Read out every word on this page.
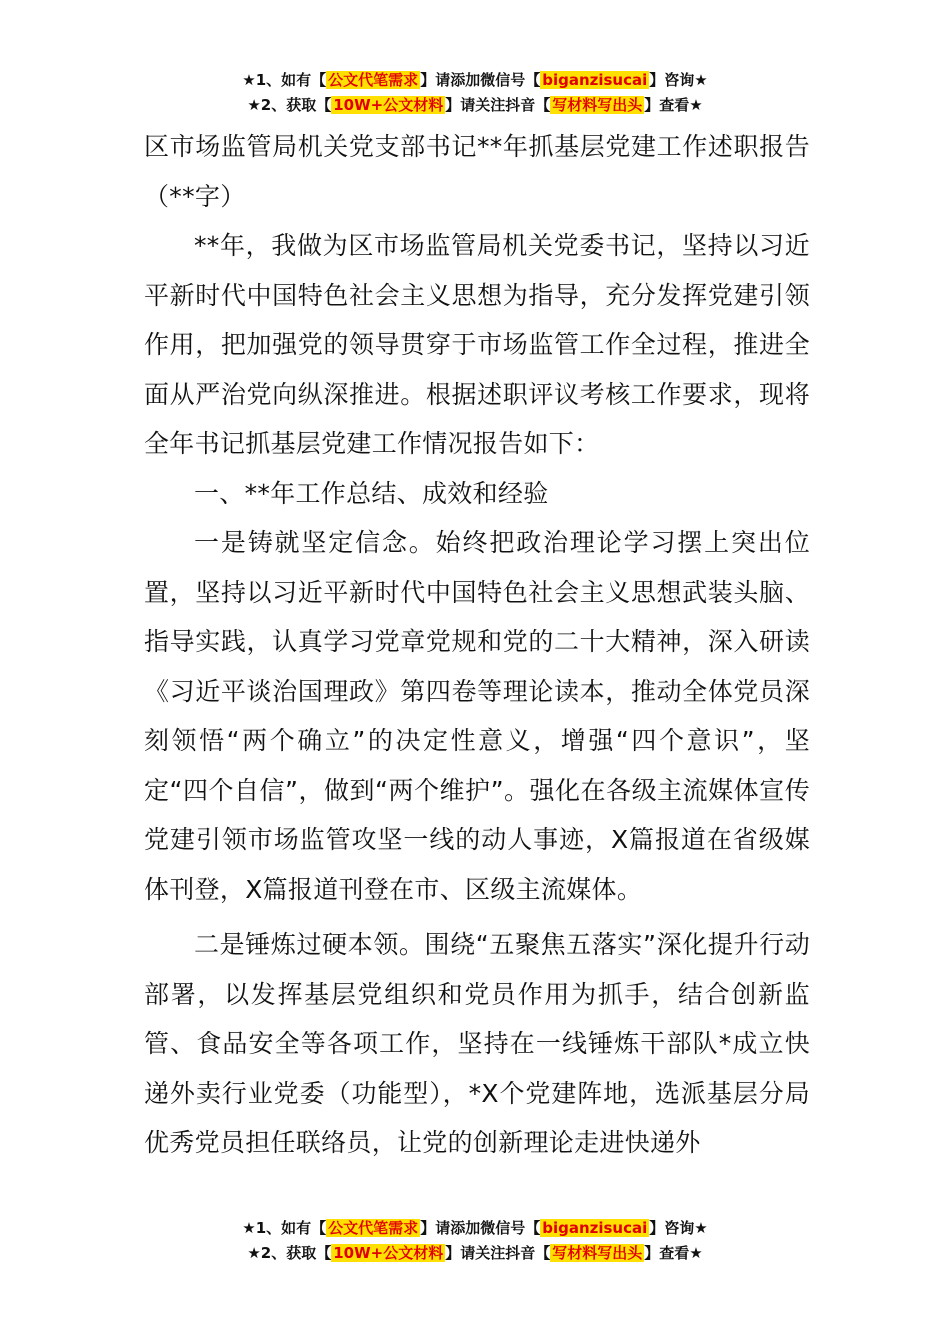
★1、如有【 公文代笔需求 】请添加微信号【 biganzisucai 】咨询★
★2、获取【 10W+公文材料 】请关注抖音【 写材料写出头 】查看★

区市场监管局机关党支部书记**年抓基层党建工作述职报告（**字）

**年，我做为区市场监管局机关党委书记，坚持以习近平新时代中国特色社会主义思想为指导，充分发挥党建引领作用，把加强党的领导贯穿于市场监管工作全过程，推进全面从严治党向纵深推进。根据述职评议考核工作要求，现将全年书记抓基层党建工作情况报告如下：

一、**年工作总结、成效和经验

一是铸就坚定信念。始终把政治理论学习摆上突出位置，坚持以习近平新时代中国特色社会主义思想武装头脑、指导实践，认真学习党章党规和党的二十大精神，深入研读《习近平谈治国理政》第四卷等理论读本，推动全体党员深刻领悟“两个确立”的决定性意义，增强“四个意识”，坚定“四个自信”，做到“两个维护”。强化在各级主流媒体宣传党建引领市场监管攻坚一线的动人事迹，X篇报道在省级媒体刊登，X篇报道刊登在市、区级主流媒体。

二是锤炼过硬本领。围绕“五聚焦五落实”深化提升行动部署，以发挥基层党组织和党员作用为抓手，结合创新监管、食品安全等各项工作，坚持在一线锤炼干部队*成立快递外卖行业党委（功能型），*X个党建阵地，选派基层分局优秀党员担任联络员，让党的创新理论走进快递外

★1、如有【 公文代笔需求 】请添加微信号【 biganzisucai 】咨询★
★2、获取【 10W+公文材料 】请关注抖音【 写材料写出头 】查看★
